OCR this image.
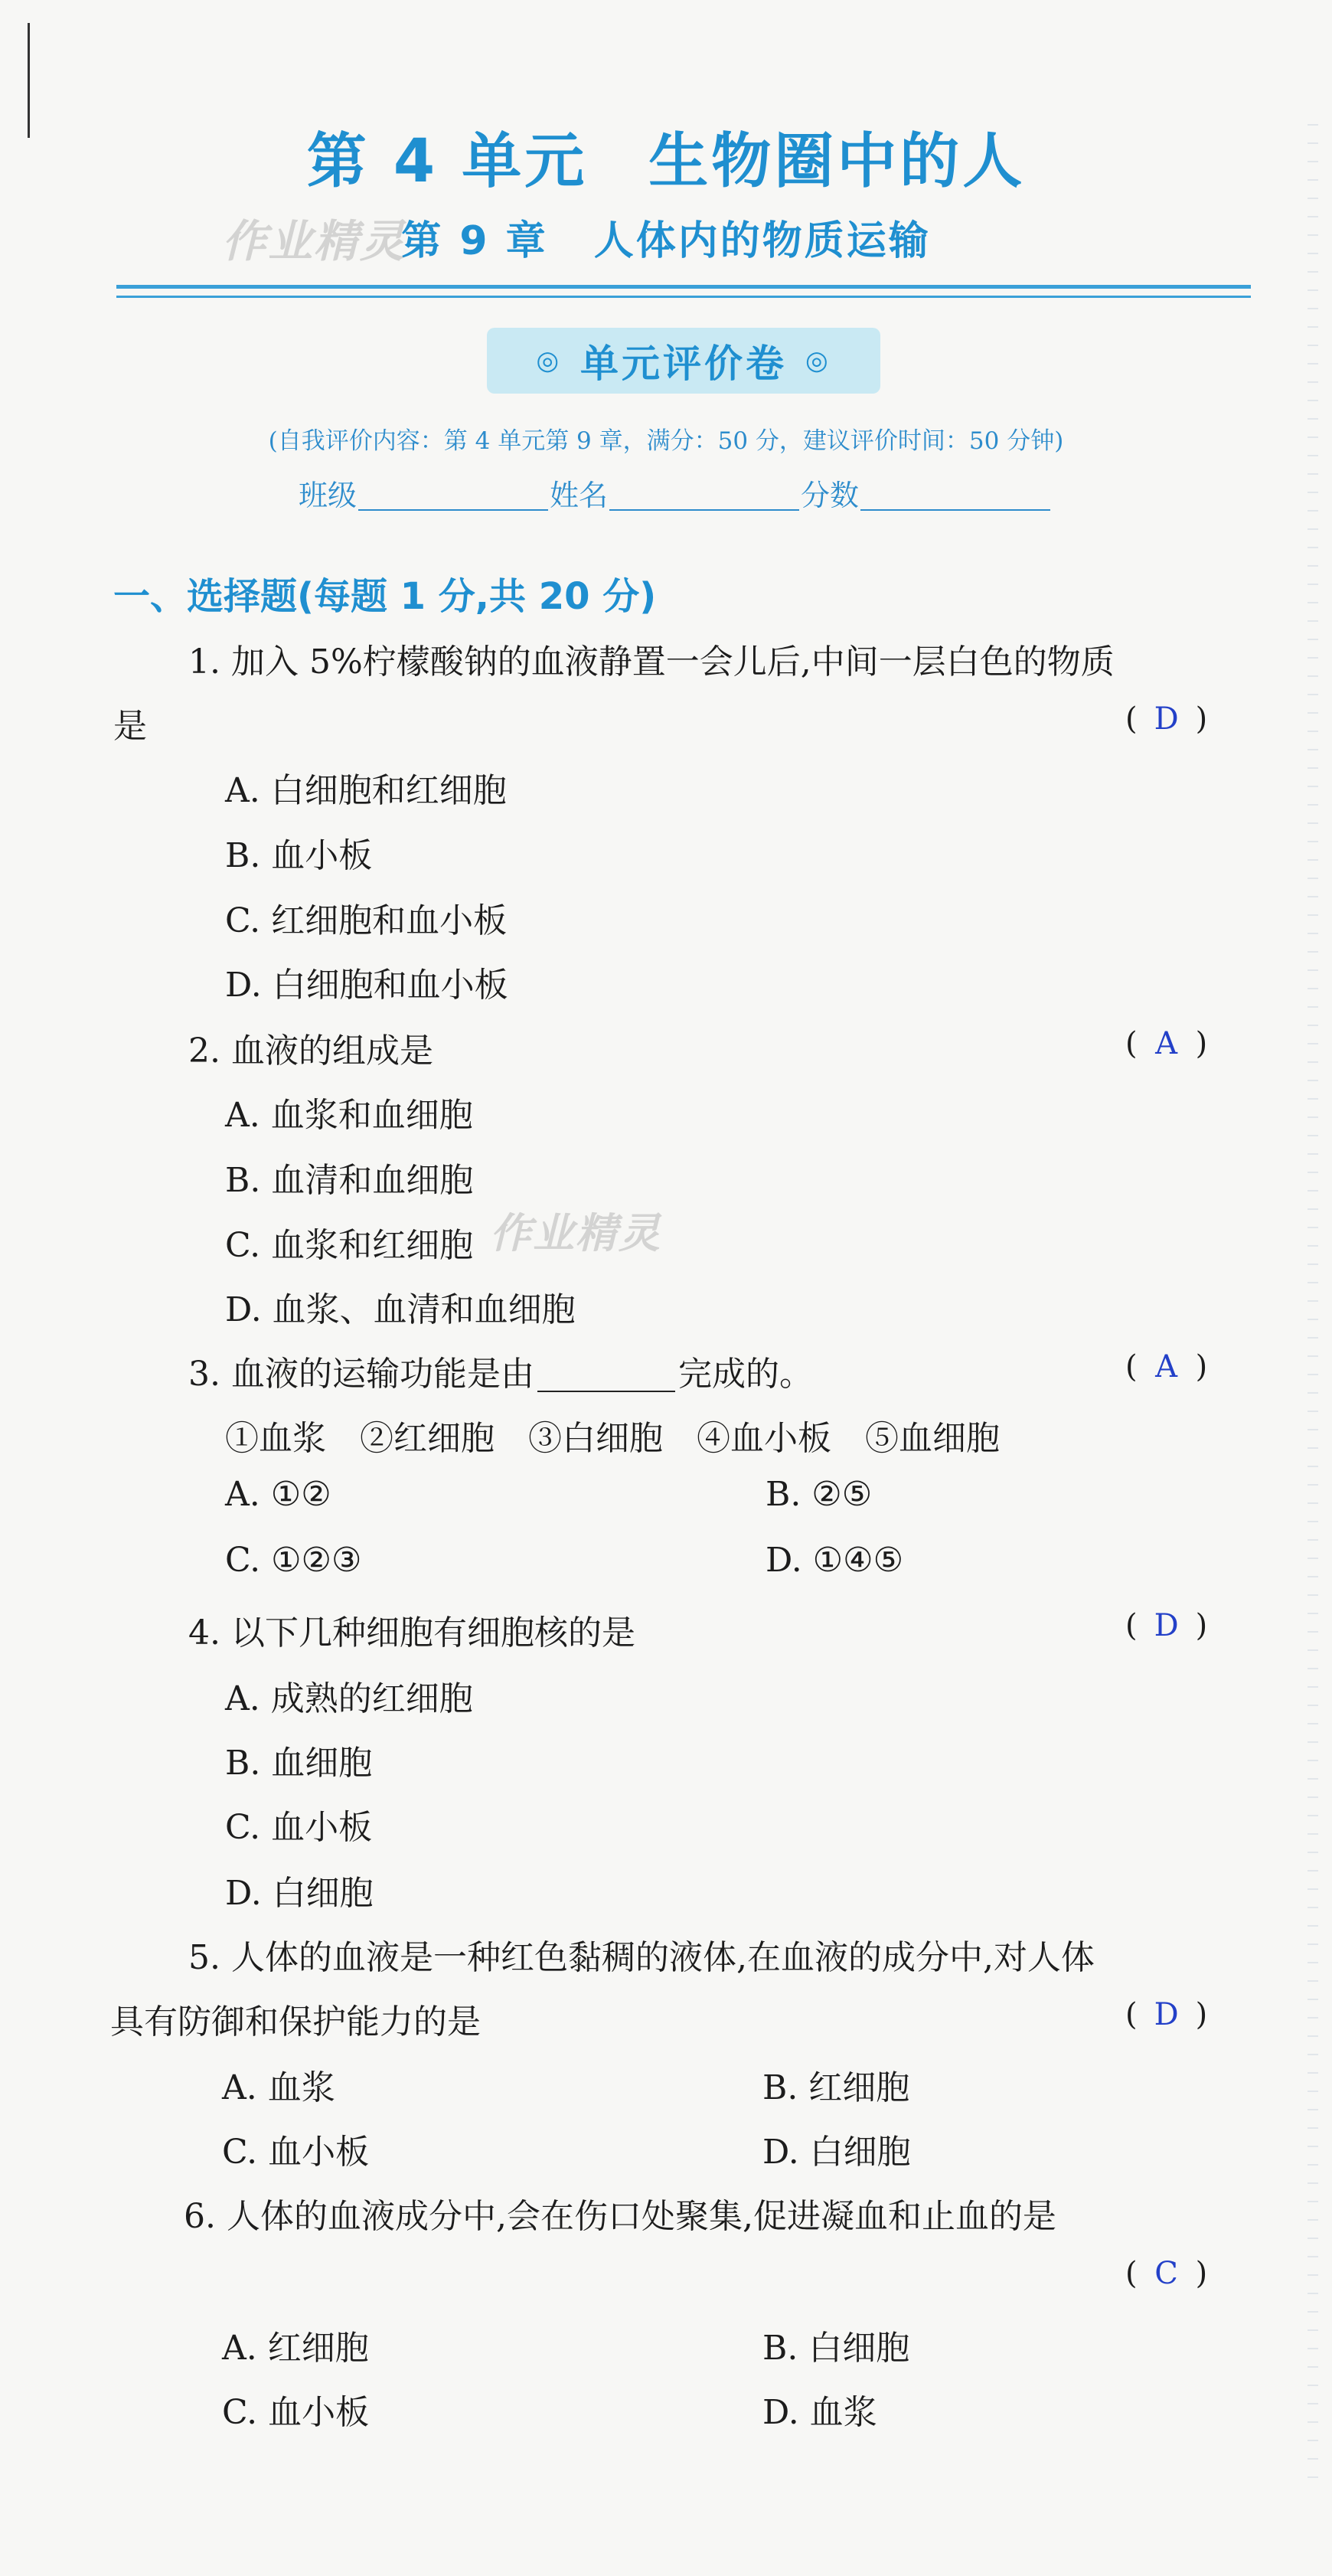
第 4 单元 生物圈中的人
第 9 章 人体内的物质运输
作业精灵
◎ 单元评价卷 ◎
(自我评价内容：第 4 单元第 9 章，满分：50 分，建议评价时间：50 分钟)
班级	姓名	分数
一、选择题(每题 1 分,共 20 分)
1. 加入 5%柠檬酸钠的血液静置一会儿后,中间一层白色的物质
是	( D )
A. 白细胞和红细胞
B. 血小板
C. 红细胞和血小板
D. 白细胞和血小板
2. 血液的组成是	( A )
A. 血浆和血细胞
B. 血清和血细胞
C. 血浆和红细胞 作业精灵
D. 血浆、血清和血细胞
3. 血液的运输功能是由	完成的。	( A )
①血浆　②红细胞　③白细胞　④血小板　⑤血细胞
A. ①②	B. ②⑤
C. ①②③	D. ①④⑤
4. 以下几种细胞有细胞核的是	( D )
A. 成熟的红细胞
B. 血细胞
C. 血小板
D. 白细胞
5. 人体的血液是一种红色黏稠的液体,在血液的成分中,对人体
具有防御和保护能力的是	( D )
A. 血浆	B. 红细胞
C. 血小板	D. 白细胞
6. 人体的血液成分中,会在伤口处聚集,促进凝血和止血的是
( C )
A. 红细胞	B. 白细胞
C. 血小板	D. 血浆
